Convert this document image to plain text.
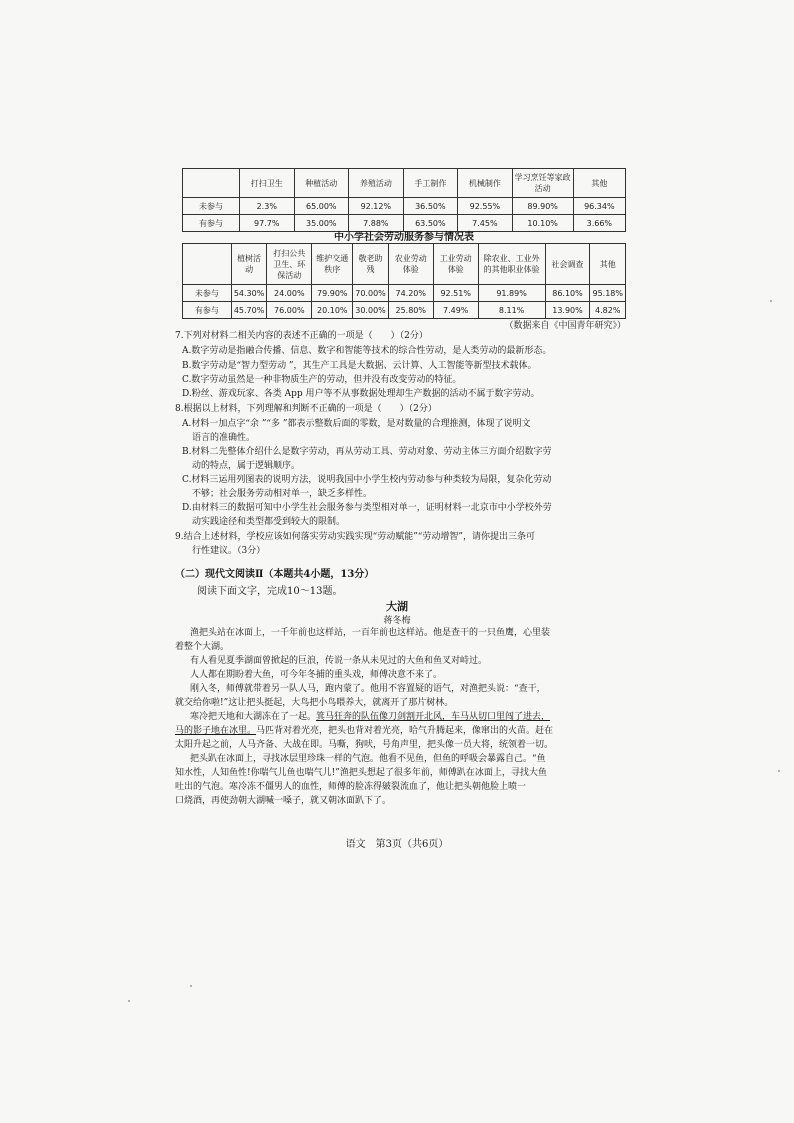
	打扫卫生	种植活动	养殖活动	手工制作	机械制作	学习烹饪等家政活动	其他
未参与	2.3%	65.00%	92.12%	36.50%	92.55%	89.90%	96.34%
有参与	97.7%	35.00%	7.88%	63.50%	7.45%	10.10%	3.66%
中小学社会劳动服务参与情况表
	植树活动	打扫公共卫生、环保活动	维护交通秩序	敬老助残	农业劳动体验	工业劳动体验	除农业、工业外的其他职业体验	社会调查	其他
未参与	54.30%	24.00%	79.90%	70.00%	74.20%	92.51%	91.89%	86.10%	95.18%
有参与	45.70%	76.00%	20.10%	30.00%	25.80%	7.49%	8.11%	13.90%	4.82%
（数据来自《中国青年研究》）
7.下列对材料二相关内容的表述不正确的一项是（　　）（2分）
A.数字劳动是指融合传播、信息、数字和智能等技术的综合性劳动，是人类劳动的最新形态。
B.数字劳动是“智力型劳动 ”，其生产工具是大数据、云计算、人工智能等新型技术载体。
C.数字劳动虽然是一种非物质生产的劳动，但并没有改变劳动的特征。
D.粉丝、游戏玩家、各类 App 用户等不从事数据处理却生产数据的活动不属于数字劳动。
8.根据以上材料，下列理解和判断不正确的一项是（　　）（2分）
A.材料一加点字“余 ”“多 ”都表示整数后面的零数，是对数量的合理推测，体现了说明文
语言的准确性。
B.材料二先整体介绍什么是数字劳动，再从劳动工具、劳动对象、劳动主体三方面介绍数字劳
动的特点，属于逻辑顺序。
C.材料三运用列图表的说明方法，说明我国中小学生校内劳动参与种类较为局限，复杂化劳动
不够；社会服务劳动相对单一，缺乏多样性。
D.由材料三的数据可知中小学生社会服务参与类型相对单一，证明材料一北京市中小学校外劳
动实践途径和类型都受到较大的限制。
9.结合上述材料，学校应该如何落实劳动实践实现“劳动赋能”“劳动增智”，请你提出三条可
行性建议。（3分）
（二）现代文阅读Ⅱ（本题共4小题，13分）
阅读下面文字，完成10～13题。
大湖
蒋冬梅
渔把头站在冰面上，一千年前也这样站，一百年前也这样站。他是查干的一只鱼鹰，心里装
着整个大湖。
有人看见夏季湖面曾掀起的巨浪，传说一条从未见过的大鱼和鱼叉对峙过。
人人都在期盼着大鱼，可今年冬捕的重头戏，师傅决意不来了。
刚入冬，师傅就带着另一队人马，跑内蒙了。他用不容置疑的语气，对渔把头说：“查干，
就交给你啦!”这让把头挺起，大鸟把小鸟喂养大，就离开了那片树林。
寒冷把天地和大湖冻在了一起。箕马狂奔的队伍像刀剑割开北风，车马从切口里闯了进去，
马的影子地在冰里。马匹背对着光亮，把头也背对着光亮，哈气升腾起来，像窜出的火苗。赶在
太阳升起之前，人马齐备、大战在即。马嘶，狗吠，号角声里，把头像一员大将，统领着一切。
把头趴在冰面上，寻找冰层里珍珠一样的气泡。他看不见鱼，但鱼的呼吸会暴露自己。“鱼
知水性，人知鱼性!你喘气儿鱼也喘气儿!”渔把头想起了很多年前，师傅趴在冰面上，寻找大鱼
吐出的气泡。寒冷冻不僵男人的血性，师傅的脸冻得皴裂流血了，他让把头朝他脸上喷一
口烧酒，再使劲朝大湖喊一嗓子，就又朝冰面趴下了。
语文　第3页（共6页）
